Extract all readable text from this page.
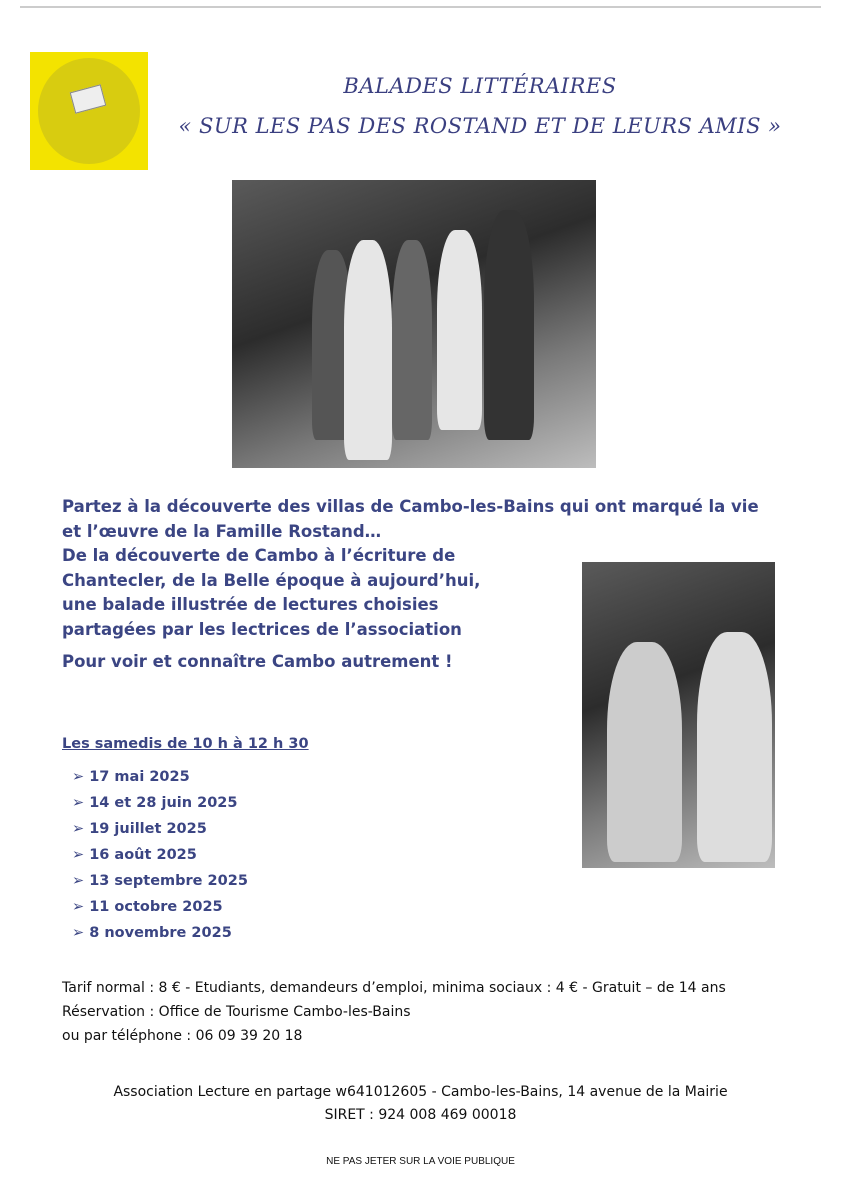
BALADES LITTÉRAIRES
« SUR LES PAS DES ROSTAND ET DE LEURS AMIS »

Partez à la découverte des villas de Cambo-les-Bains qui ont marqué la vie

et l’œuvre de la Famille Rostand…

De la découverte de Cambo à l’écriture de

Chantecler, de la Belle époque à aujourd’hui,

une balade illustrée de lectures choisies

partagées par les lectrices de l’association

Pour voir et connaître Cambo autrement !

Les samedis de 10 h à 12 h 30
➢ 17 mai 2025
➢ 14 et 28 juin 2025
➢ 19 juillet 2025
➢ 16 août 2025
➢ 13 septembre 2025
➢ 11 octobre 2025
➢ 8 novembre 2025
Tarif normal : 8 € - Etudiants, demandeurs d’emploi, minima sociaux : 4 € - Gratuit – de 14 ans
Réservation : Office de Tourisme Cambo-les-Bains
ou par téléphone : 06 09 39 20 18
Association Lecture en partage w641012605 - Cambo-les-Bains, 14 avenue de la Mairie
SIRET : 924 008 469 00018
NE PAS JETER SUR LA VOIE PUBLIQUE
